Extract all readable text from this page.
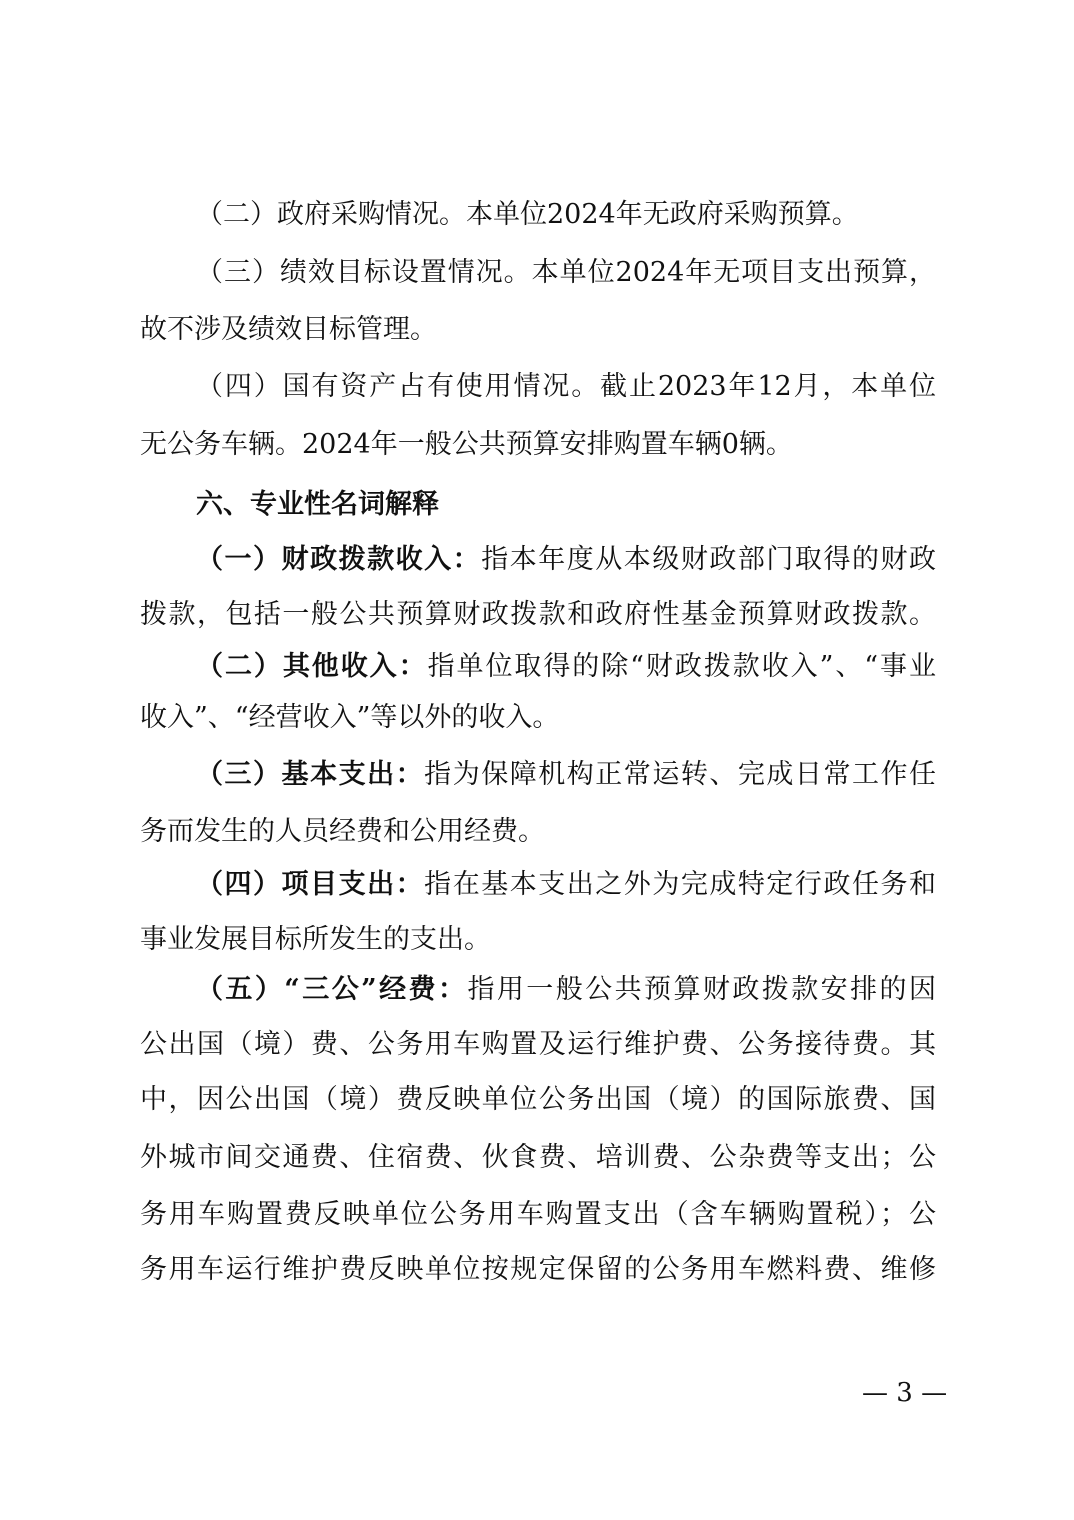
（二）政府采购情况。本单位2024年无政府采购预算。
（三）绩效目标设置情况。本单位2024年无项目支出预算，
故不涉及绩效目标管理。
（四）国有资产占有使用情况。截止2023年12月，本单位
无公务车辆。2024年一般公共预算安排购置车辆0辆。
六、专业性名词解释
（一）财政拨款收入：指本年度从本级财政部门取得的财政
拨款，包括一般公共预算财政拨款和政府性基金预算财政拨款。
（二）其他收入：指单位取得的除“财政拨款收入”、“事业
收入”、“经营收入”等以外的收入。
（三）基本支出：指为保障机构正常运转、完成日常工作任
务而发生的人员经费和公用经费。
（四）项目支出：指在基本支出之外为完成特定行政任务和
事业发展目标所发生的支出。
（五）“三公”经费：指用一般公共预算财政拨款安排的因
公出国（境）费、公务用车购置及运行维护费、公务接待费。其
中，因公出国（境）费反映单位公务出国（境）的国际旅费、国
外城市间交通费、住宿费、伙食费、培训费、公杂费等支出；公
务用车购置费反映单位公务用车购置支出（含车辆购置税）；公
务用车运行维护费反映单位按规定保留的公务用车燃料费、维修
— 3 —
